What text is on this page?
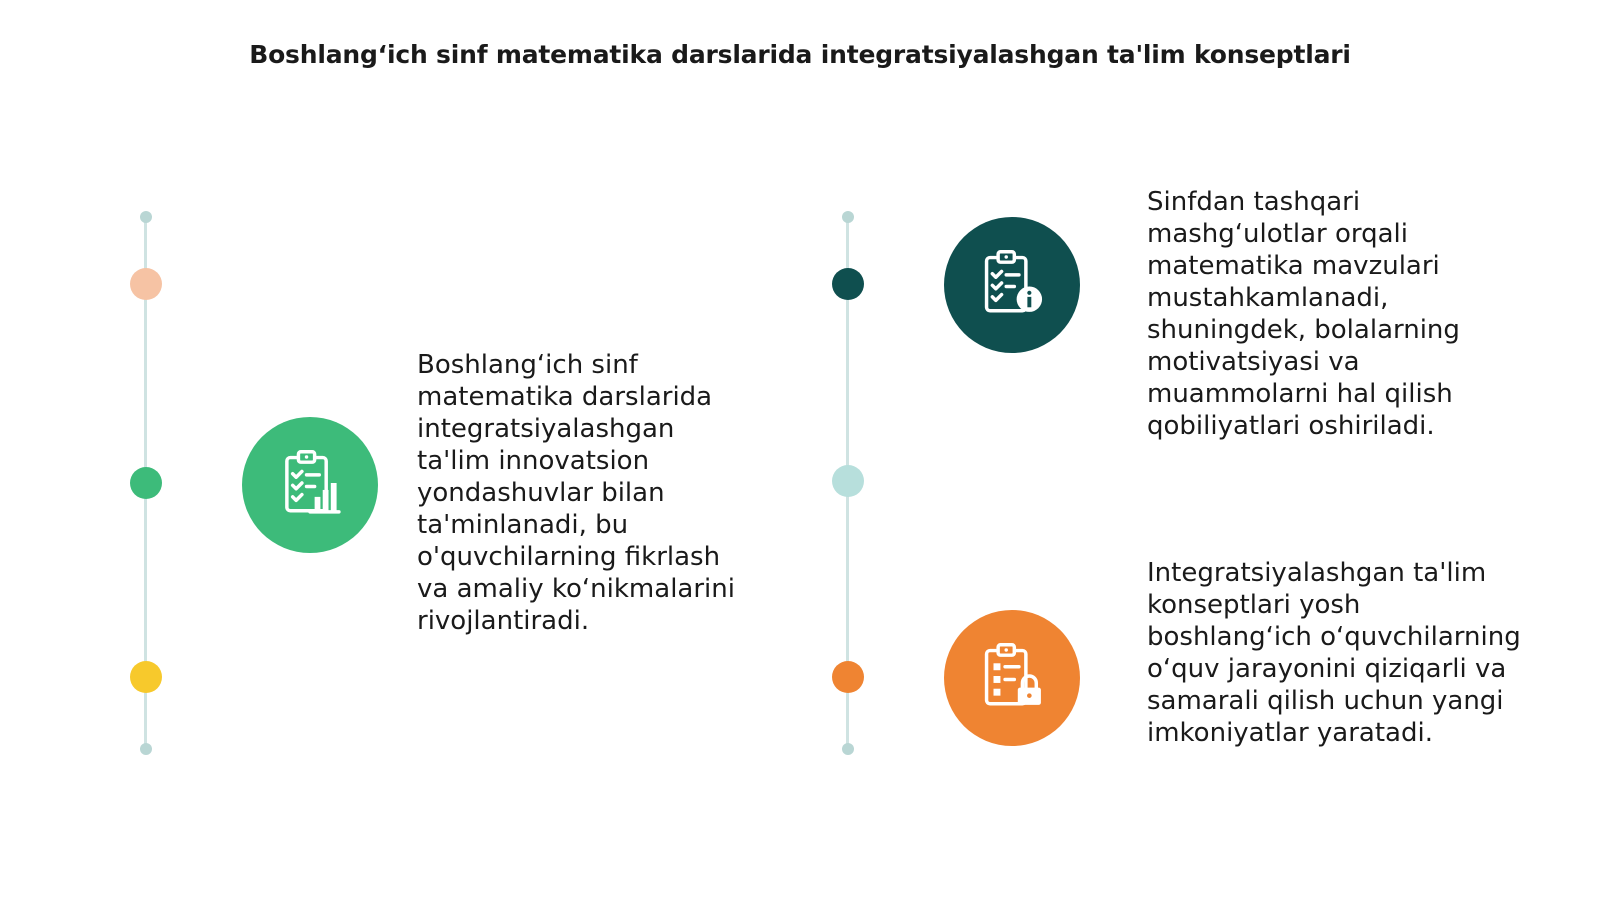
Boshlang‘ich sinf matematika darslarida integratsiyalashgan ta'lim konseptlari
Boshlang‘ich sinf matematika darslarida integratsiyalashgan ta'lim innovatsion yondashuvlar bilan ta'minlanadi, bu o'quvchilarning fikrlash va amaliy ko‘nikmalarini rivojlantiradi.
Sinfdan tashqari mashg‘ulotlar orqali matematika mavzulari mustahkamlanadi, shuningdek, bolalarning motivatsiyasi va muammolarni hal qilish qobiliyatlari oshiriladi.
Integratsiyalashgan ta'lim konseptlari yosh boshlang‘ich o‘quvchilarning o‘quv jarayonini qiziqarli va samarali qilish uchun yangi imkoniyatlar yaratadi.
